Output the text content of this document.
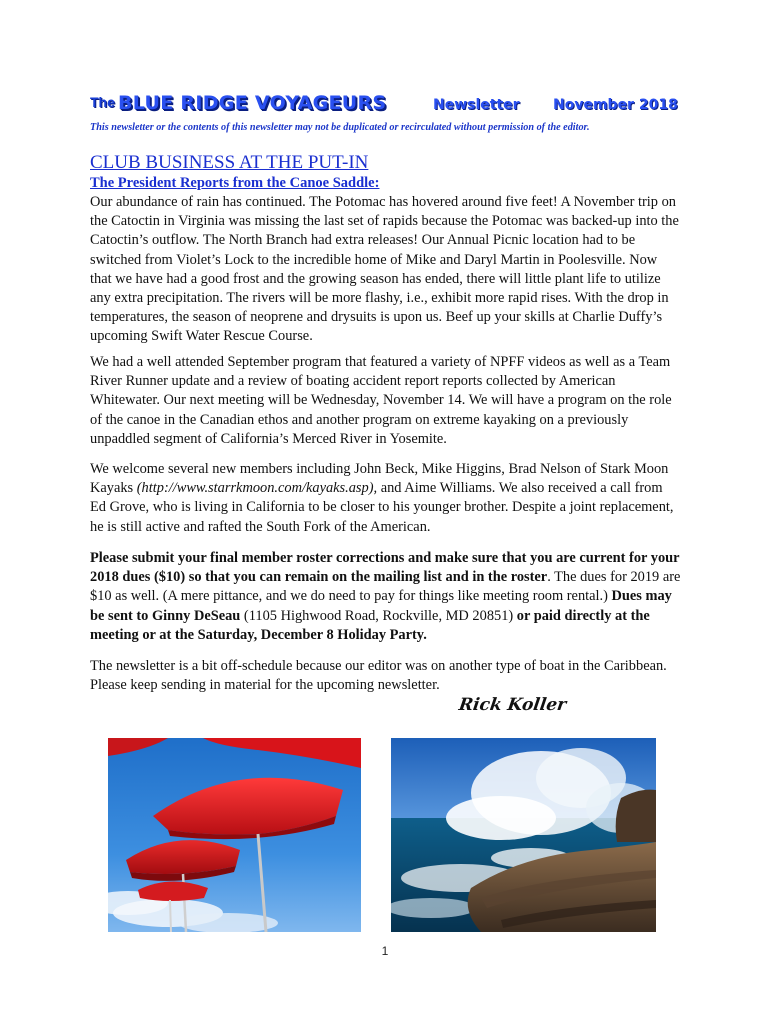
The BLUE RIDGE VOYAGEURS	Newsletter November 2018
This newsletter or the contents of this newsletter may not be duplicated or recirculated without permission of the editor.
CLUB BUSINESS AT THE PUT-IN
The President Reports from the Canoe Saddle:

Our abundance of rain has continued. The Potomac has hovered around five feet! A November trip on the Catoctin in Virginia was missing the last set of rapids because the Potomac was backed-up into the Catoctin’s outflow. The North Branch had extra releases! Our Annual Picnic location had to be switched from Violet’s Lock to the incredible home of Mike and Daryl Martin in Poolesville. Now that we have had a good frost and the growing season has ended, there will little plant life to utilize any extra precipitation. The rivers will be more flashy, i.e., exhibit more rapid rises. With the drop in temperatures, the season of neoprene and drysuits is upon us. Beef up your skills at Charlie Duffy’s upcoming Swift Water Rescue Course.

We had a well attended September program that featured a variety of NPFF videos as well as a Team River Runner update and a review of boating accident report reports collected by American Whitewater. Our next meeting will be Wednesday, November 14. We will have a program on the role of the canoe in the Canadian ethos and another program on extreme kayaking on a previously unpaddled segment of California’s Merced River in Yosemite.

We welcome several new members including John Beck, Mike Higgins, Brad Nelson of Stark Moon Kayaks (http://www.starrkmoon.com/kayaks.asp), and Aime Williams. We also received a call from Ed Grove, who is living in California to be closer to his younger brother. Despite a joint replacement, he is still active and rafted the South Fork of the American.

Please submit your final member roster corrections and make sure that you are current for your 2018 dues ($10) so that you can remain on the mailing list and in the roster. The dues for 2019 are $10 as well. (A mere pittance, and we do need to pay for things like meeting room rental.) Dues may be sent to Ginny DeSeau (1105 Highwood Road, Rockville, MD 20851) or paid directly at the meeting or at the Saturday, December 8 Holiday Party.

The newsletter is a bit off-schedule because our editor was on another type of boat in the Caribbean. Please keep sending in material for the upcoming newsletter.

Rick Koller
1
